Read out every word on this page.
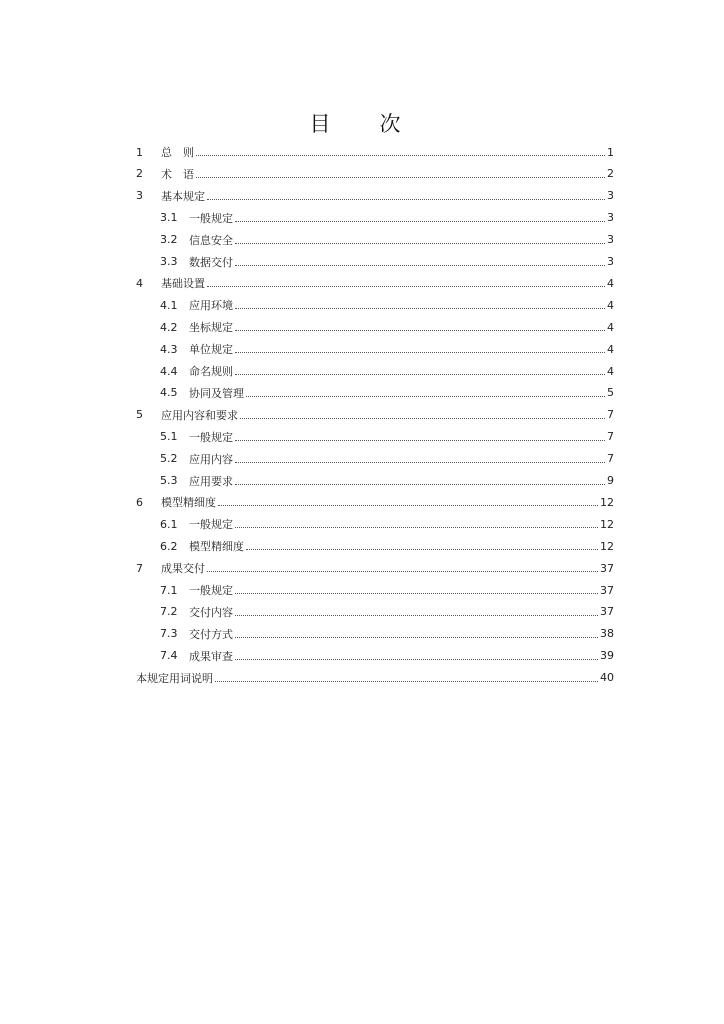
目　次
1	总　则	1
2	术　语	2
3	基本规定	3
3.1	一般规定	3
3.2	信息安全	3
3.3	数据交付	3
4	基础设置	4
4.1	应用环境	4
4.2	坐标规定	4
4.3	单位规定	4
4.4	命名规则	4
4.5	协同及管理	5
5	应用内容和要求	7
5.1	一般规定	7
5.2	应用内容	7
5.3	应用要求	9
6	模型精细度	12
6.1	一般规定	12
6.2	模型精细度	12
7	成果交付	37
7.1	一般规定	37
7.2	交付内容	37
7.3	交付方式	38
7.4	成果审查	39
本规定用词说明	40
